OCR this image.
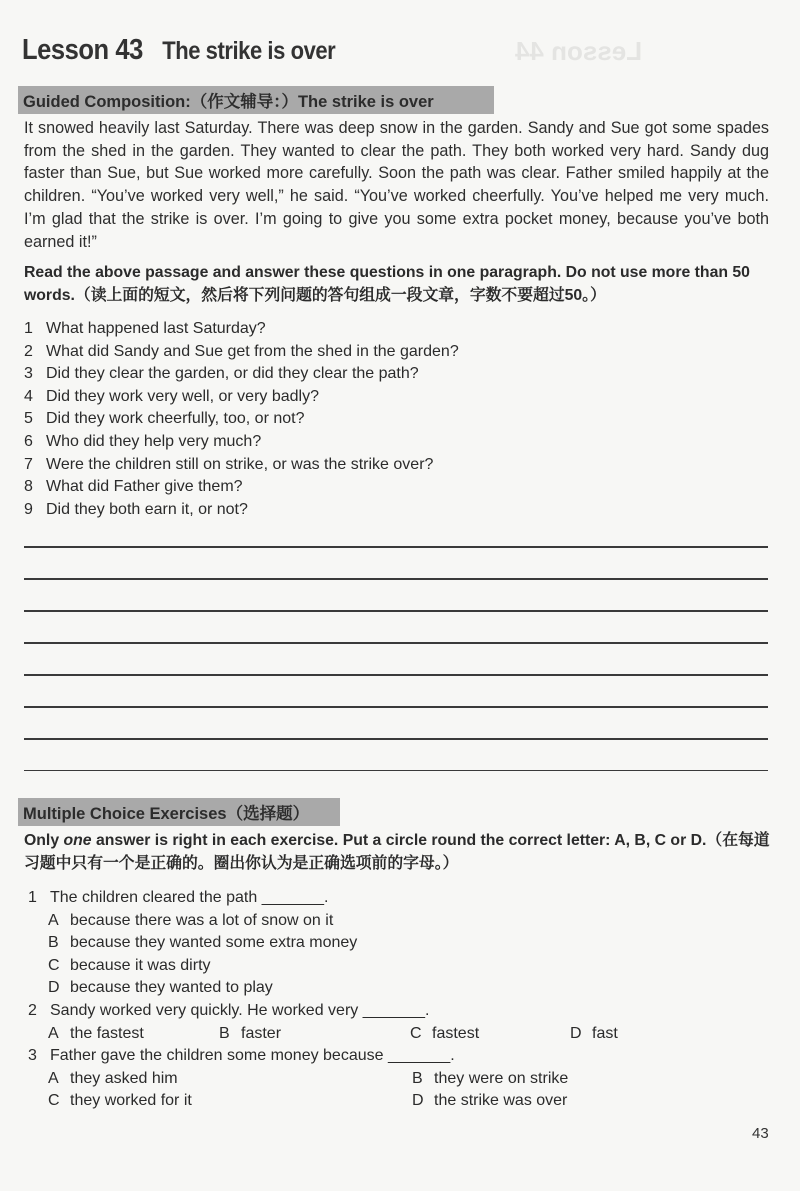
Lesson 44
Lesson 43 The strike is over
Guided Composition:（作文辅导：）The strike is over
It snowed heavily last Saturday. There was deep snow in the garden. Sandy and Sue got some spades from the shed in the garden. They wanted to clear the path. They both worked very hard. Sandy dug faster than Sue, but Sue worked more carefully. Soon the path was clear. Father smiled happily at the children. “You’ve worked very well,” he said. “You’ve worked cheerfully. You’ve helped me very much. I’m glad that the strike is over. I’m going to give you some extra pocket money, because you’ve both earned it!”
Read the above passage and answer these questions in one paragraph. Do not use more than 50 words.（读上面的短文，然后将下列问题的答句组成一段文章，字数不要超过50。）
1 What happened last Saturday?
2 What did Sandy and Sue get from the shed in the garden?
3 Did they clear the garden, or did they clear the path?
4 Did they work very well, or very badly?
5 Did they work cheerfully, too, or not?
6 Who did they help very much?
7 Were the children still on strike, or was the strike over?
8 What did Father give them?
9 Did they both earn it, or not?
Multiple Choice Exercises（选择题）
Only one answer is right in each exercise. Put a circle round the correct letter: A, B, C or D.（在每道习题中只有一个是正确的。圈出你认为是正确选项前的字母。）
1 The children cleared the path _______.
A because there was a lot of snow on it
B because they wanted some extra money
C because it was dirty
D because they wanted to play
2 Sandy worked very quickly. He worked very _______.
A the fastest	B faster	C fastest	D fast
3 Father gave the children some money because _______.
A they asked him	B they were on strike
C they worked for it	D the strike was over
43
